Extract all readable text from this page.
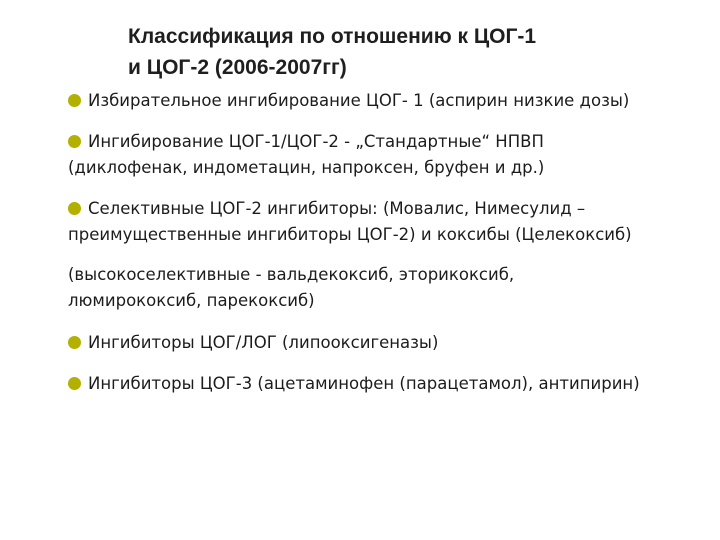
Классификация по отношению к ЦОГ-1
и ЦОГ-2 (2006-2007гг)
Избирательное ингибирование ЦОГ- 1 (аспирин низкие дозы)
Ингибирование ЦОГ-1/ЦОГ-2 - „Стандартные“ НПВП
(диклофенак, индометацин, напроксен, бруфен и др.)
Селективные ЦОГ-2 ингибиторы: (Мовалис, Нимесулид –
преимущественные ингибиторы ЦОГ-2) и коксибы (Целекоксиб)
(высокоселективные - вальдекоксиб, эторикоксиб,
люмирококсиб, парекоксиб)
Ингибиторы ЦОГ/ЛОГ (липооксигеназы)
Ингибиторы ЦОГ-3 (ацетаминофен (парацетамол), антипирин)
